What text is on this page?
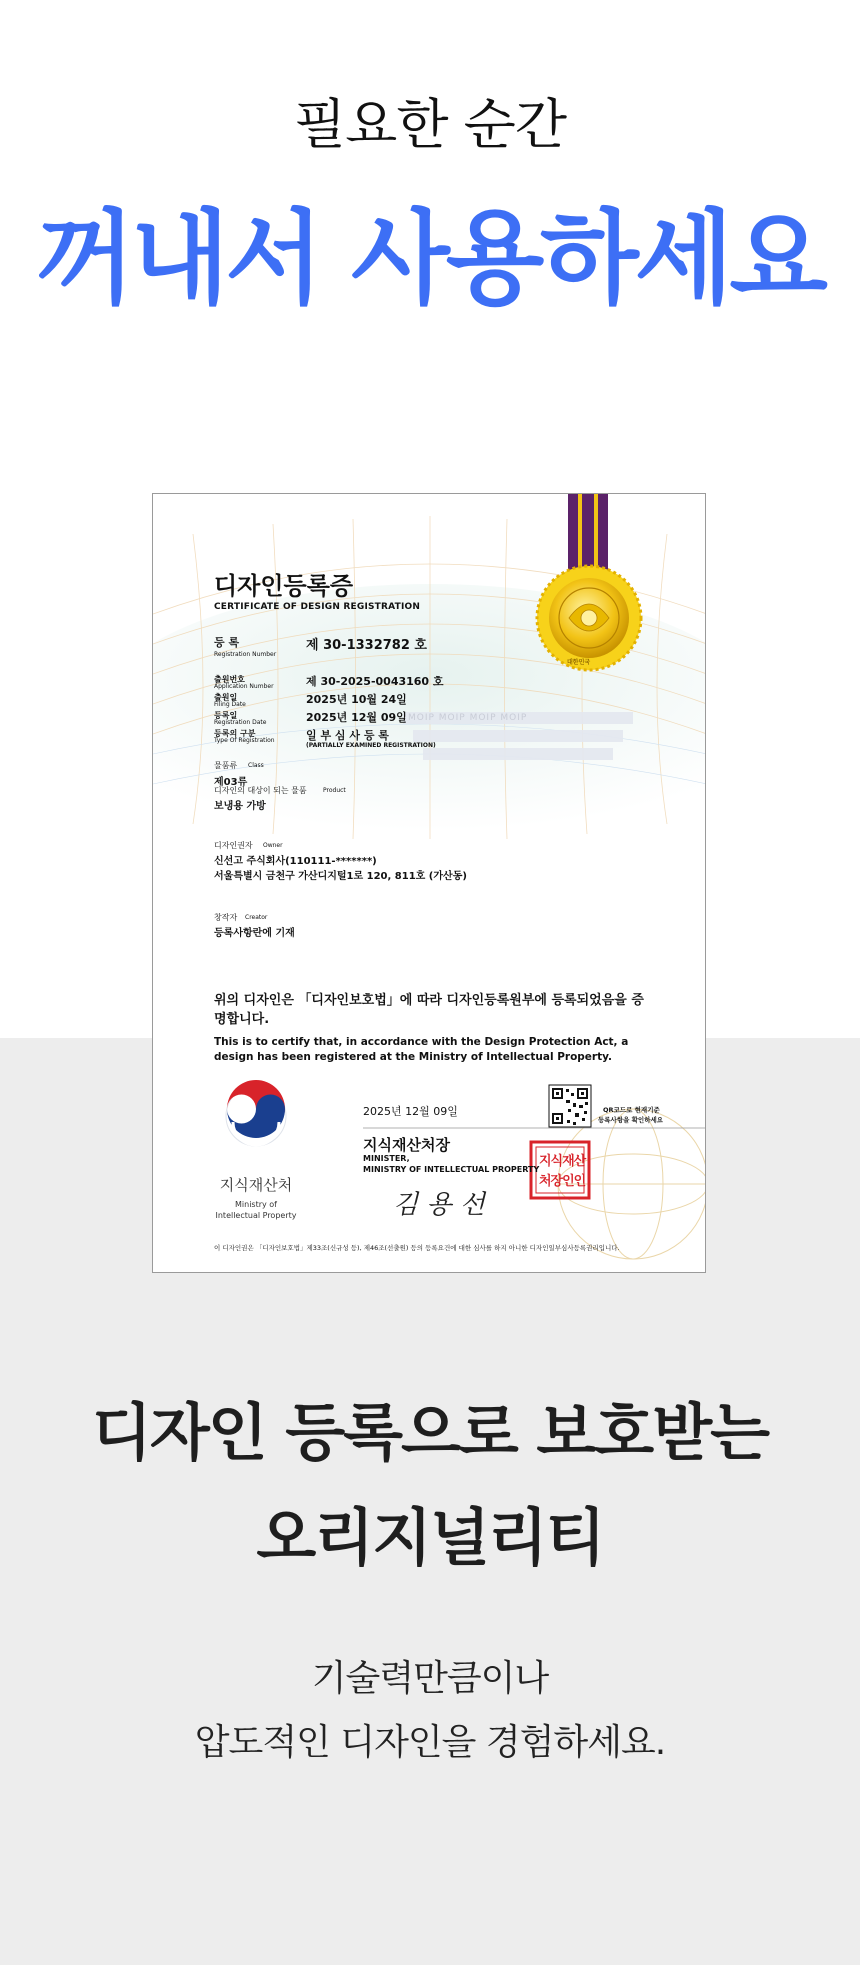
필요한 순간
꺼내서 사용하세요
디자인등록증
CERTIFICATE OF DESIGN REGISTRATION
등 록
Registration Number
제 30-1332782 호
출원번호
Application Number	제 30-2025-0043160 호
출원일
Filing Date	2025년 10월 24일
등록일
Registration Date	2025년 12월 09일
등록의 구분
Type Of Registration	일 부 심 사 등 록
(PARTIALLY EXAMINED REGISTRATION)
물품류 Class
제03류
디자인의 대상이 되는 물품	Product
보냉용 가방
디자인권자 Owner
신선고 주식회사(110111-*******)
서울특별시 금천구 가산디지털1로 120, 811호 (가산동)
창작자 Creator
등록사항란에 기재
위의 디자인은 「디자인보호법」에 따라 디자인등록원부에 등록되었음을 증명합니다.
This is to certify that, in accordance with the Design Protection Act, a design has been registered at the Ministry of Intellectual Property.
2025년 12월 09일	QR코드로 현재기준
등록사항을 확인하세요
지식재산처장
MINISTER,
MINISTRY OF INTELLECTUAL PROPERTY
김 용 선
지식재산
처장인인
대한민국
지식재산처
Ministry of
Intellectual Property
MOIP MOIP MOIP MOIP
이 디자인권은 「디자인보호법」제33조(신규성 등), 제46조(선출원) 등의 등록요건에 대한 심사를 하지 아니한 디자인일부심사등록권리입니다.
디자인 등록으로 보호받는
오리지널리티
기술력만큼이나
압도적인 디자인을 경험하세요.
